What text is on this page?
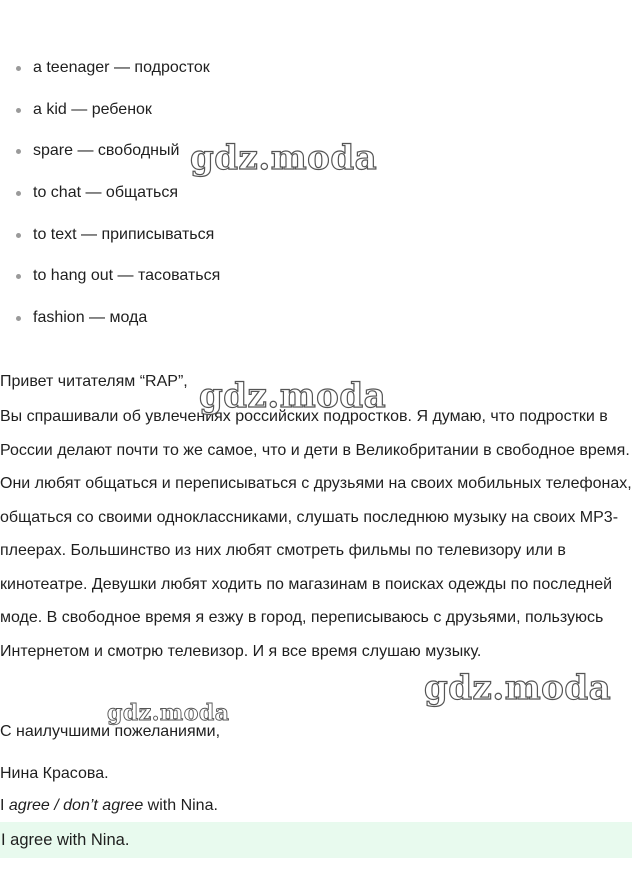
a teenager — подросток
a kid — ребенок
spare — свободный
to chat — общаться
to text — приписываться
to hang out — тасоваться
fashion — мода

Привет читателям “RAP”,

Вы спрашивали об увлечениях российских подростков. Я думаю, что подростки в России делают почти то же самое, что и дети в Великобритании в свободное время. Они любят общаться и переписываться с друзьями на своих мобильных телефонах, общаться со своими одноклассниками, слушать последнюю музыку на своих MP3-плеерах. Большинство из них любят смотреть фильмы по телевизору или в кинотеатре. Девушки любят ходить по магазинам в поисках одежды по последней моде. В свободное время я езжу в город, переписываюсь с друзьями, пользуюсь Интернетом и смотрю телевизор. И я все время слушаю музыку.

С наилучшими пожеланиями,

Нина Красова.

I agree / don’t agree with Nina.

I agree with Nina.
gdz.moda
gdz.moda
gdz.moda
gdz.moda
